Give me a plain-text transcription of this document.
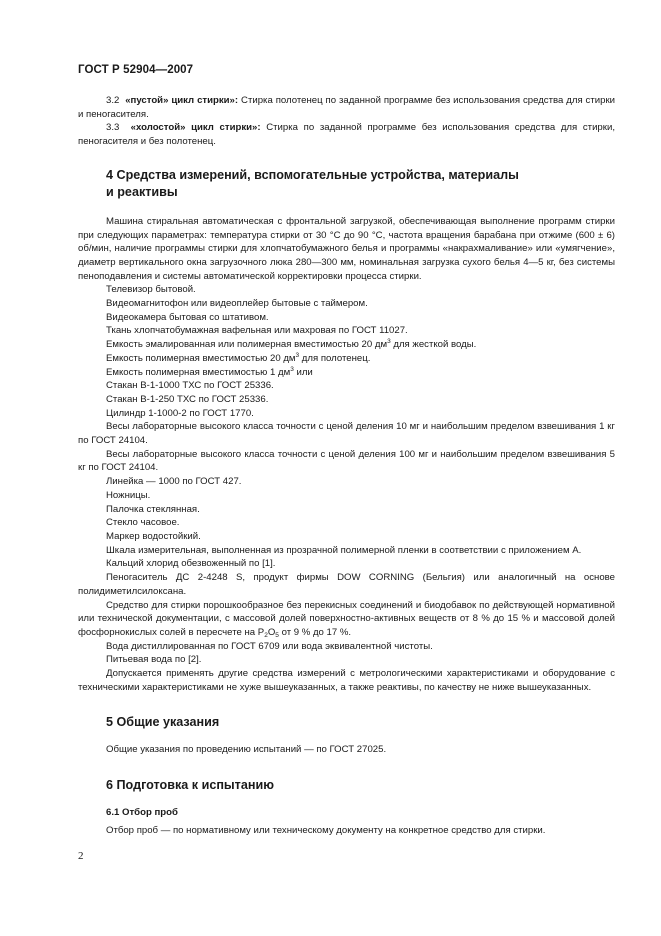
ГОСТ Р 52904—2007

3.2 «пустой» цикл стирки»: Стирка полотенец по заданной программе без использования средства для стирки и пеногасителя.

3.3 «холостой» цикл стирки»: Стирка по заданной программе без использования средства для стирки, пеногасителя и без полотенец.

4 Средства измерений, вспомогательные устройства, материалы
и реактивы

Машина стиральная автоматическая с фронтальной загрузкой, обеспечивающая выполнение программ стирки при следующих параметрах: температура стирки от 30 °С до 90 °С, частота вращения барабана при отжиме (600 ± 6) об/мин, наличие программы стирки для хлопчатобумажного белья и программы «накрахмаливание» или «умягчение», диаметр вертикального окна загрузочного люка 280—300 мм, номинальная загрузка сухого белья 4—5 кг, без системы пеноподавления и системы автоматической корректировки процесса стирки.

Телевизор бытовой.

Видеомагнитофон или видеоплейер бытовые с таймером.

Видеокамера бытовая со штативом.

Ткань хлопчатобумажная вафельная или махровая по ГОСТ 11027.

Емкость эмалированная или полимерная вместимостью 20 $дм^3$ для жесткой воды.

Емкость полимерная вместимостью 20 $дм^3$ для полотенец.

Емкость полимерная вместимостью 1 $дм^3$ или

Стакан В-1-1000 ТХС по ГОСТ 25336.

Стакан В-1-250 ТХС по ГОСТ 25336.

Цилиндр 1-1000-2 по ГОСТ 1770.

Весы лабораторные высокого класса точности с ценой деления 10 мг и наибольшим пределом взвешивания 1 кг по ГОСТ 24104.

Весы лабораторные высокого класса точности с ценой деления 100 мг и наибольшим пределом взвешивания 5 кг по ГОСТ 24104.

Линейка — 1000 по ГОСТ 427.

Ножницы.

Палочка стеклянная.

Стекло часовое.

Маркер водостойкий.

Шкала измерительная, выполненная из прозрачной полимерной пленки в соответствии с приложением А.

Кальций хлорид обезвоженный по [1].

Пеногаситель ДС 2-4248 S, продукт фирмы DOW CORNING (Бельгия) или аналогичный на основе полидиметилсилоксана.

Средство для стирки порошкообразное без перекисных соединений и биодобавок по действующей нормативной или технической документации, с массовой долей поверхностно-активных веществ от 8 % до 15 % и массовой долей фосфорнокислых солей в пересчете на $P_2O_5$ от 9 % до 17 %.

Вода дистиллированная по ГОСТ 6709 или вода эквивалентной чистоты.

Питьевая вода по [2].

Допускается применять другие средства измерений с метрологическими характеристиками и оборудование с техническими характеристиками не хуже вышеуказанных, а также реактивы, по качеству не ниже вышеуказанных.

5 Общие указания

Общие указания по проведению испытаний — по ГОСТ 27025.

6 Подготовка к испытанию

6.1 Отбор проб

Отбор проб — по нормативному или техническому документу на конкретное средство для стирки.

2
